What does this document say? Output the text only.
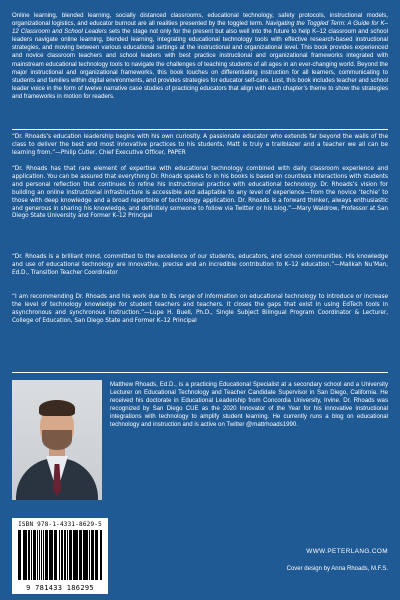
Online learning, blended learning, socially distanced classrooms, educational technology, safety protocols, instructional models, organizational logistics, and educator burnout are all realities presented by the toggled term. Navigating the Toggled Term: A Guide for K–12 Classroom and School Leaders sets the stage not only for the present but also well into the future to help K–12 classroom and school leaders navigate online learning, blended learning, integrating educational technology tools with effective research-based instructional strategies, and moving between various educational settings at the instructional and organizational level. This book provides experienced and novice classroom teachers and school leaders with best practice instructional and organizational frameworks integrated with mainstream educational technology tools to navigate the challenges of teaching students of all ages in an ever-changing world. Beyond the major instructional and organizational frameworks, this book touches on differentiating instruction for all learners, communicating to students and families within digital environments, and provides strategies for educator self-care. Lost, this book includes teacher and school leader voice in the form of twelve narrative case studies of practicing educators that align with each chapter’s theme to show the strategies and frameworks in motion for readers.
“Dr. Rhoads’s education leadership begins with his own curiosity. A passionate educator who extends far beyond the walls of the class to deliver the best and most innovative practices to his students, Matt is truly a trailblazer and a teacher we all can be learning from.”—Philip Cutler, Chief Executive Officer, PAPER
“Dr. Rhoads has that rare element of expertise with educational technology combined with daily classroom experience and application. You can be assured that everything Dr. Rhoads speaks to in his books is based on countless interactions with students and personal reflection that continues to refine his instructional practice with educational technology. Dr. Rhoads’s vision for building an online instructional infrastructure is accessible and adaptable to any level of experience—from the novice ‘techie’ to those with deep knowledge and a broad repertoire of technology application. Dr. Rhoads is a forward thinker, always enthusiastic and generous in sharing his knowledge, and definitely someone to follow via Twitter or his blog.”—Mary Waldrow, Professor at San Diego State University and Former K–12 Principal
“Dr. Rhoads is a brilliant mind, committed to the excellence of our students, educators, and school communities. His knowledge and use of educational technology are innovative, precise and an incredible contribution to K–12 education.”—Malikah Nu’Man, Ed.D., Transition Teacher Coordinator
“I am recommending Dr. Rhoads and his work due to its range of information on educational technology to introduce or increase the level of technology knowledge for student teachers and teachers. It closes the gaps that exist in using EdTech tools in asynchronous and synchronous instruction.”—Lupe H. Buell, Ph.D., Single Subject Bilingual Program Coordinator & Lecturer, College of Education, San Diego State and Former K–12 Principal
Matthew Rhoads, Ed.D., is a practicing Educational Specialist at a secondary school and a University Lecturer on Educational Technology and Teacher Candidate Supervisor in San Diego, California. He received his doctorate in Educational Leadership from Concordia University, Irvine. Dr. Rhoads was recognized by San Diego CUE as the 2020 Innovator of the Year for his innovative instructional integrations with technology to amplify student learning. He currently runs a blog on educational technology and instruction and is active on Twitter @mattrhoads1990.
ISBN 978-1-4331-8629-5
9 781433 186295
WWW.PETERLANG.COM
Cover design by Anna Rhoads, M.F.S.
